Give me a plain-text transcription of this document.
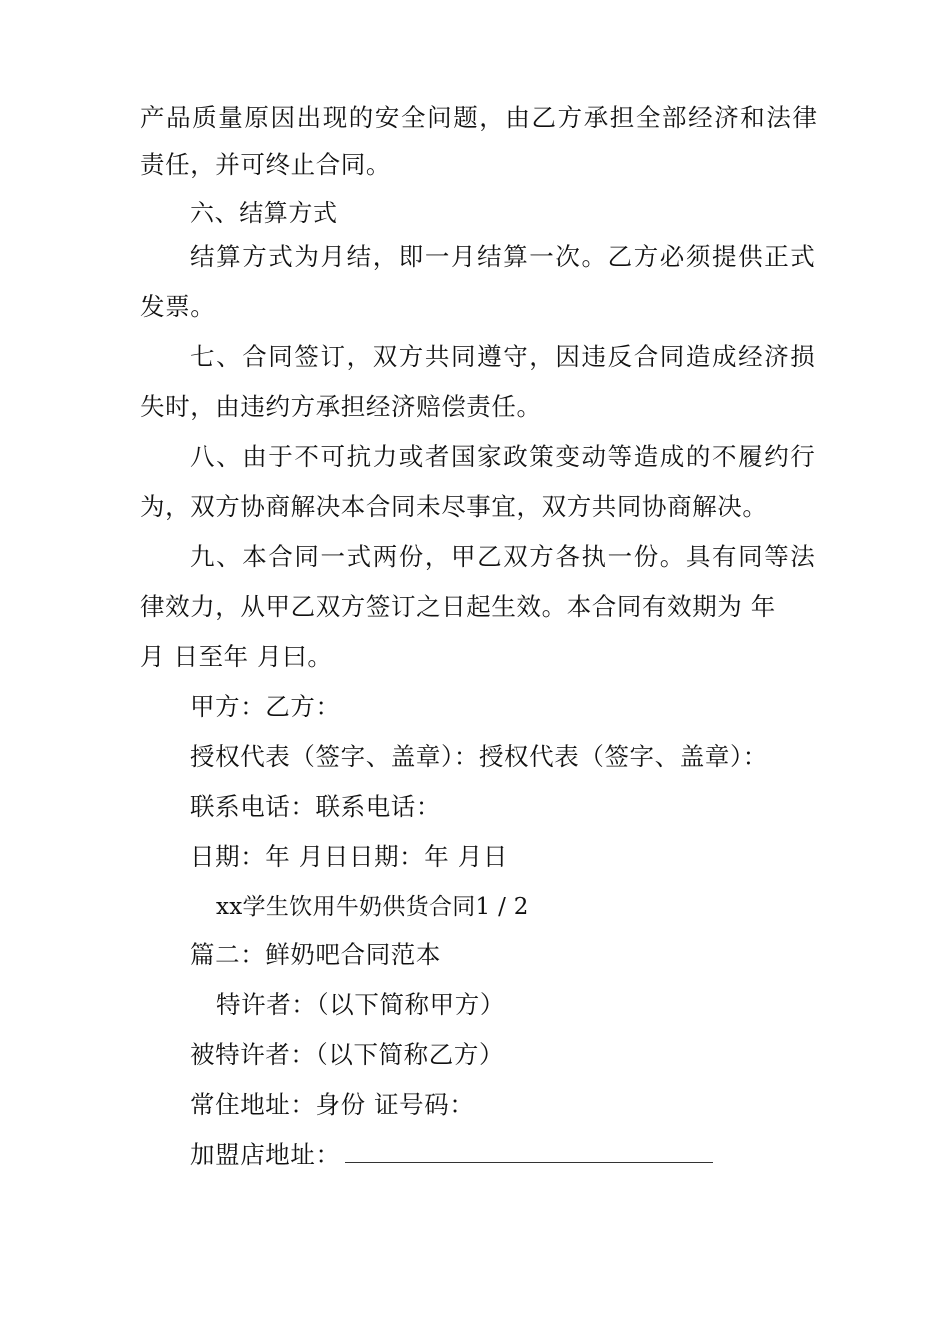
产品质量原因出现的安全问题，由乙方承担全部经济和法律
责任，并可终止合同。
六、结算方式
结算方式为月结，即一月结算一次。乙方必须提供正式
发票。
七、合同签订，双方共同遵守，因违反合同造成经济损
失时，由违约方承担经济赔偿责任。
八、由于不可抗力或者国家政策变动等造成的不履约行
为，双方协商解决本合同未尽事宜，双方共同协商解决。
九、本合同一式两份，甲乙双方各执一份。具有同等法
律效力，从甲乙双方签订之日起生效。本合同有效期为 年
月 日至年 月曰。
甲方：乙方：
授权代表（签字、盖章）：授权代表（签字、盖章）：
联系电话：联系电话：
日期：年 月日日期：年 月日
xx学生饮用牛奶供货合同1 / 2
篇二：鲜奶吧合同范本
特许者：（以下简称甲方）
被特许者：（以下简称乙方）
常住地址：身份 证号码：
加盟店地址：
